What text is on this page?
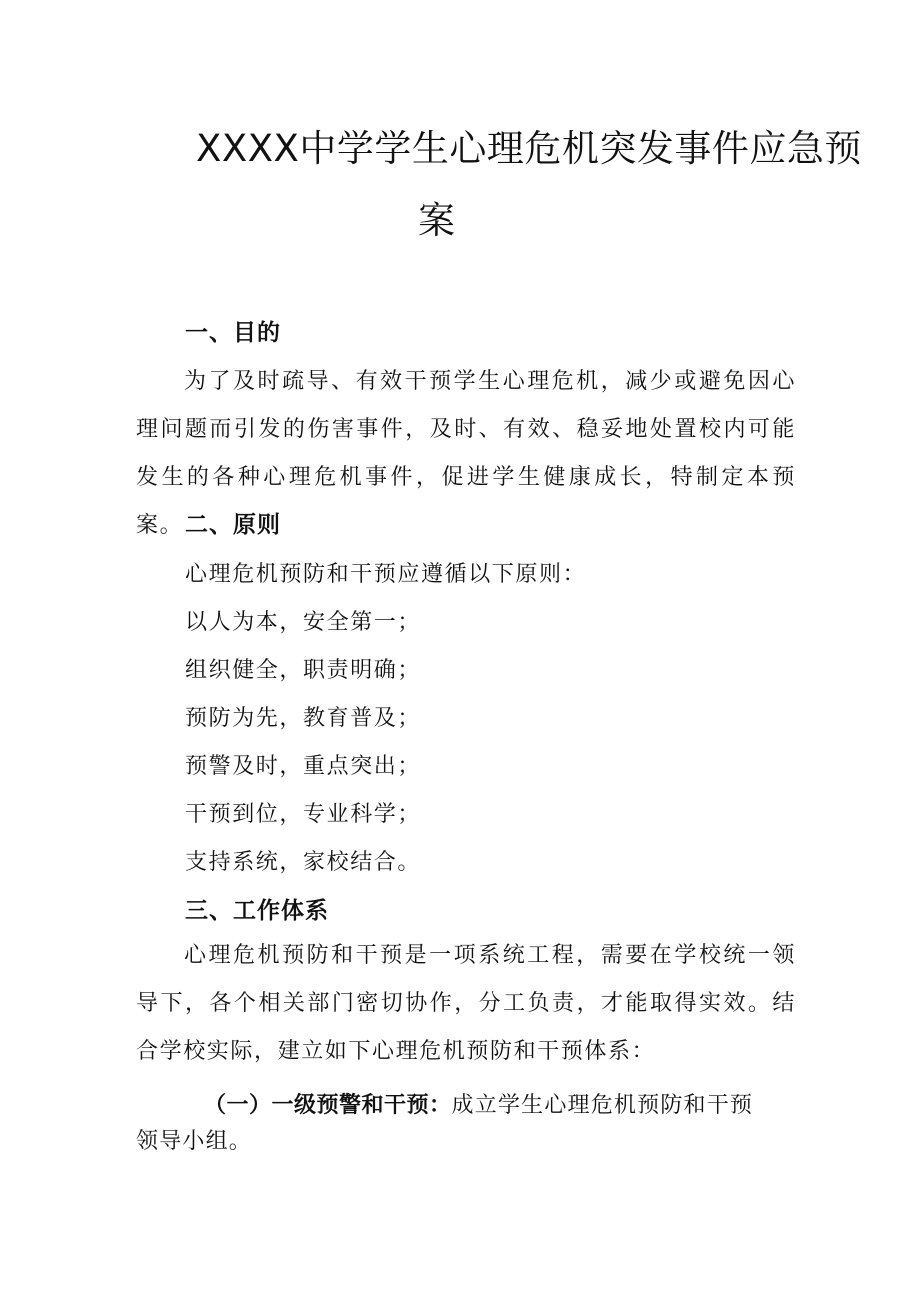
XXXX中学学生心理危机突发事件应急预
案
一、目的
为了及时疏导、有效干预学生心理危机，减少或避免因心理问题而引发的伤害事件，及时、有效、稳妥地处置校内可能发生的各种心理危机事件，促进学生健康成长，特制定本预案。 二、原则
心理危机预防和干预应遵循以下原则：
以人为本，安全第一；
组织健全，职责明确；
预防为先，教育普及；
预警及时，重点突出；
干预到位，专业科学；
支持系统，家校结合。
三、工作体系
心理危机预防和干预是一项系统工程，需要在学校统一领导下，各个相关部门密切协作，分工负责，才能取得实效。结合学校实际，建立如下心理危机预防和干预体系：
（一）一级预警和干预：成立学生心理危机预防和干预领导小组。
